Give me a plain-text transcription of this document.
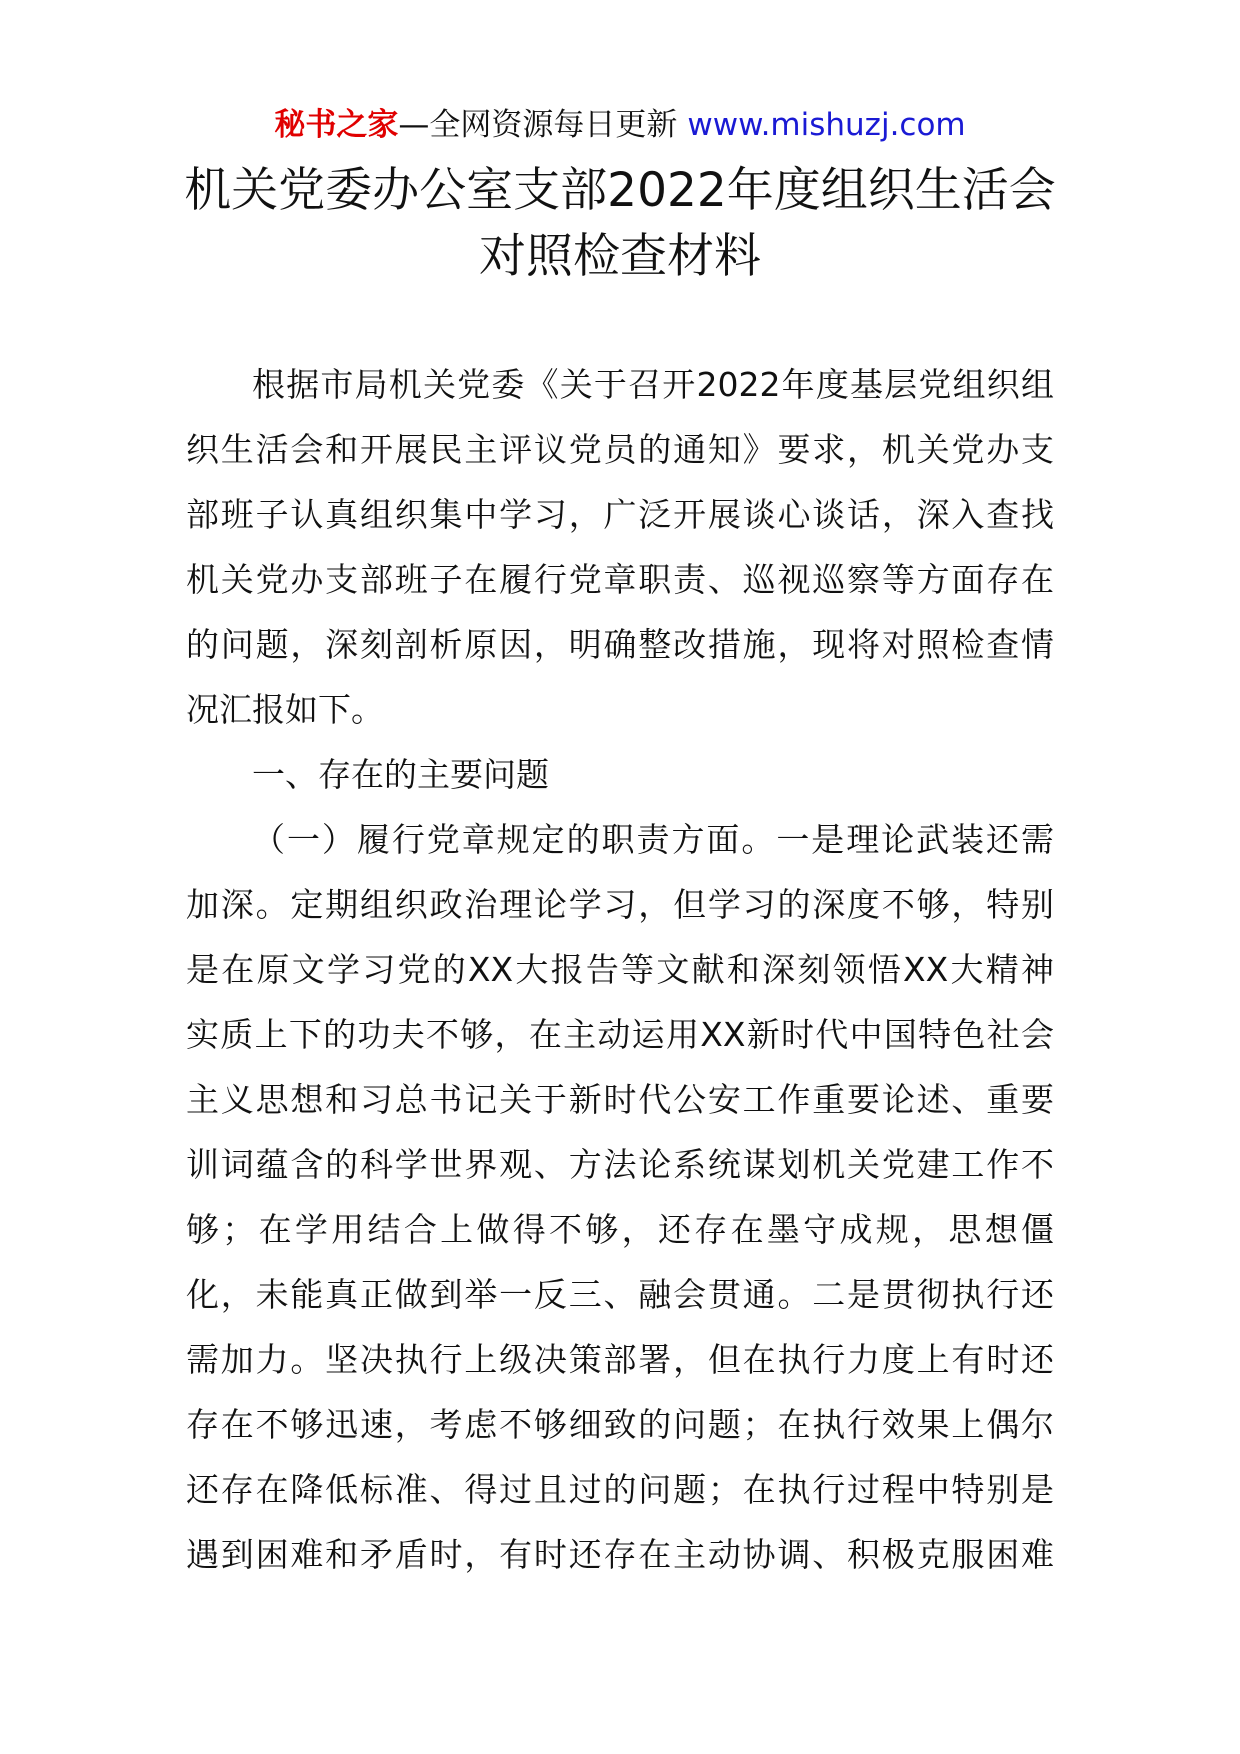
秘书之家—全网资源每日更新 www.mishuzj.com
机关党委办公室支部2022年度组织生活会
对照检查材料
根据市局机关党委《关于召开2022年度基层党组织组
织生活会和开展民主评议党员的通知》要求，机关党办支
部班子认真组织集中学习，广泛开展谈心谈话，深入查找
机关党办支部班子在履行党章职责、巡视巡察等方面存在
的问题，深刻剖析原因，明确整改措施，现将对照检查情
况汇报如下。
一、存在的主要问题
（一）履行党章规定的职责方面。一是理论武装还需
加深。定期组织政治理论学习，但学习的深度不够，特别
是在原文学习党的XX大报告等文献和深刻领悟XX大精神
实质上下的功夫不够，在主动运用XX新时代中国特色社会
主义思想和习总书记关于新时代公安工作重要论述、重要
训词蕴含的科学世界观、方法论系统谋划机关党建工作不
够；在学用结合上做得不够，还存在墨守成规，思想僵
化，未能真正做到举一反三、融会贯通。二是贯彻执行还
需加力。坚决执行上级决策部署，但在执行力度上有时还
存在不够迅速，考虑不够细致的问题；在执行效果上偶尔
还存在降低标准、得过且过的问题；在执行过程中特别是
遇到困难和矛盾时，有时还存在主动协调、积极克服困难
